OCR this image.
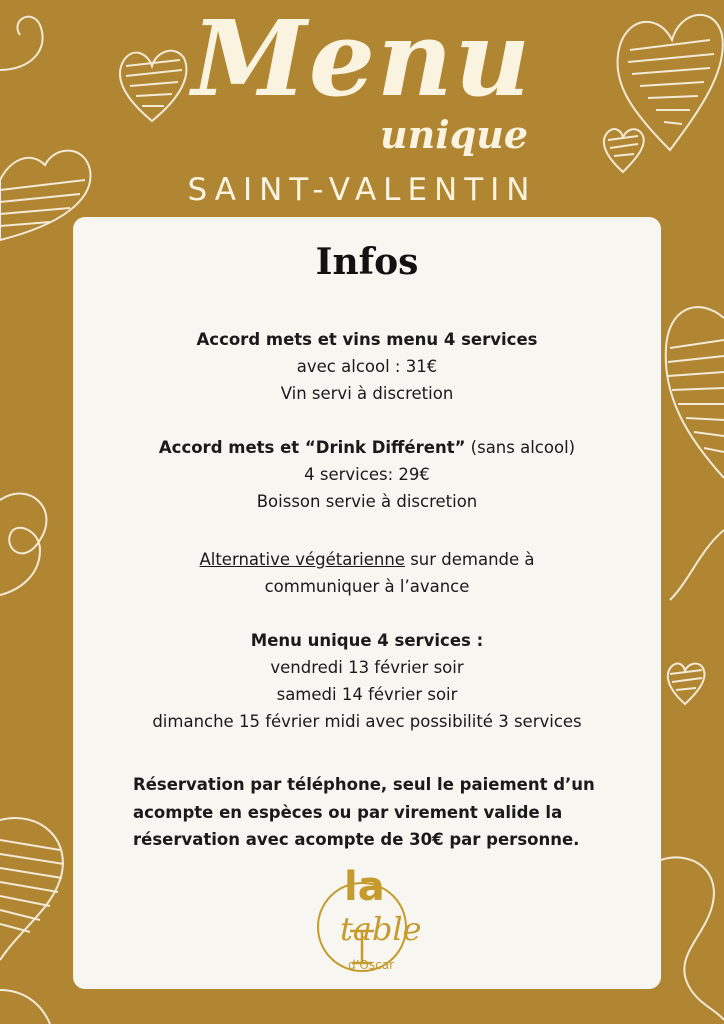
Menu
unique
SAINT-VALENTIN
Infos
Accord mets et vins menu 4 services
avec alcool : 31€
Vin servi à discretion
Accord mets et “Drink Différent” (sans alcool)
4 services: 29€
Boisson servie à discretion
Alternative végétarienne sur demande à
communiquer à l’avance
Menu unique 4 services :
vendredi 13 février soir
samedi 14 février soir
dimanche 15 février midi avec possibilité 3 services
Réservation par téléphone, seul le paiement d’un acompte en espèces ou par virement valide la réservation avec acompte de 30€ par personne.
la
table
d’Oscar
